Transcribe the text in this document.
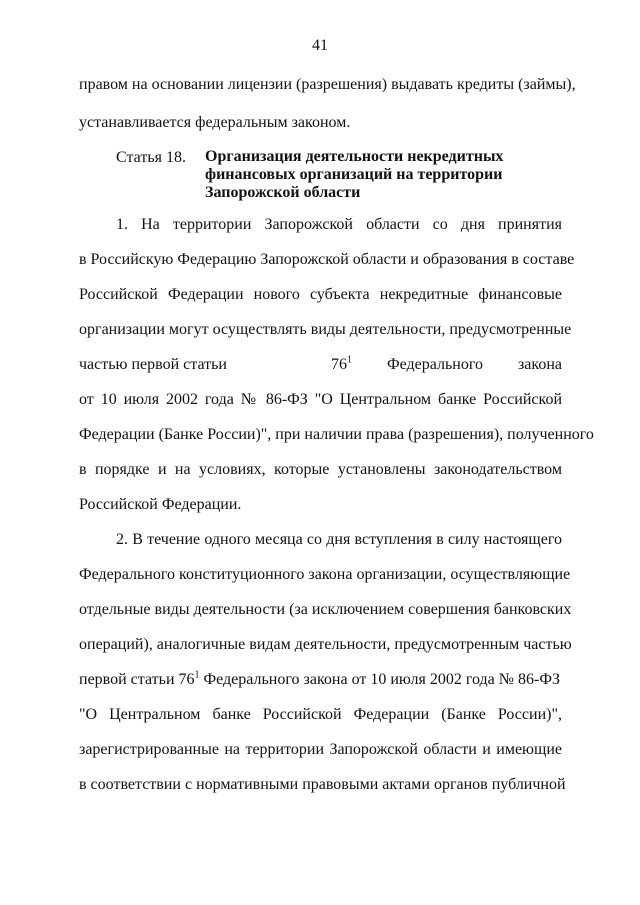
41
правом на основании лицензии (разрешения) выдавать кредиты (займы),
устанавливается федеральным законом.
Статья 18. Организация деятельности некредитных
финансовых организаций на территории
Запорожской области
1. На территории Запорожской области со дня принятия
в Российскую Федерацию Запорожской области и образования в составе
Российской Федерации нового субъекта некредитные финансовые
организации могут осуществлять виды деятельности, предусмотренные
частью первой статьи	$76^1$ Федерального закона
от 10 июля 2002 года № 86-ФЗ "О Центральном банке Российской
Федерации (Банке России)", при наличии права (разрешения), полученного
в порядке и на условиях, которые установлены законодательством
Российской Федерации.
2. В течение одного месяца со дня вступления в силу настоящего
Федерального конституционного закона организации, осуществляющие
отдельные виды деятельности (за исключением совершения банковских
операций), аналогичные видам деятельности, предусмотренным частью
первой статьи $76^1$ Федерального закона от 10 июля 2002 года № 86-ФЗ
"О Центральном банке Российской Федерации (Банке России)",
зарегистрированные на территории Запорожской области и имеющие
в соответствии с нормативными правовыми актами органов публичной
